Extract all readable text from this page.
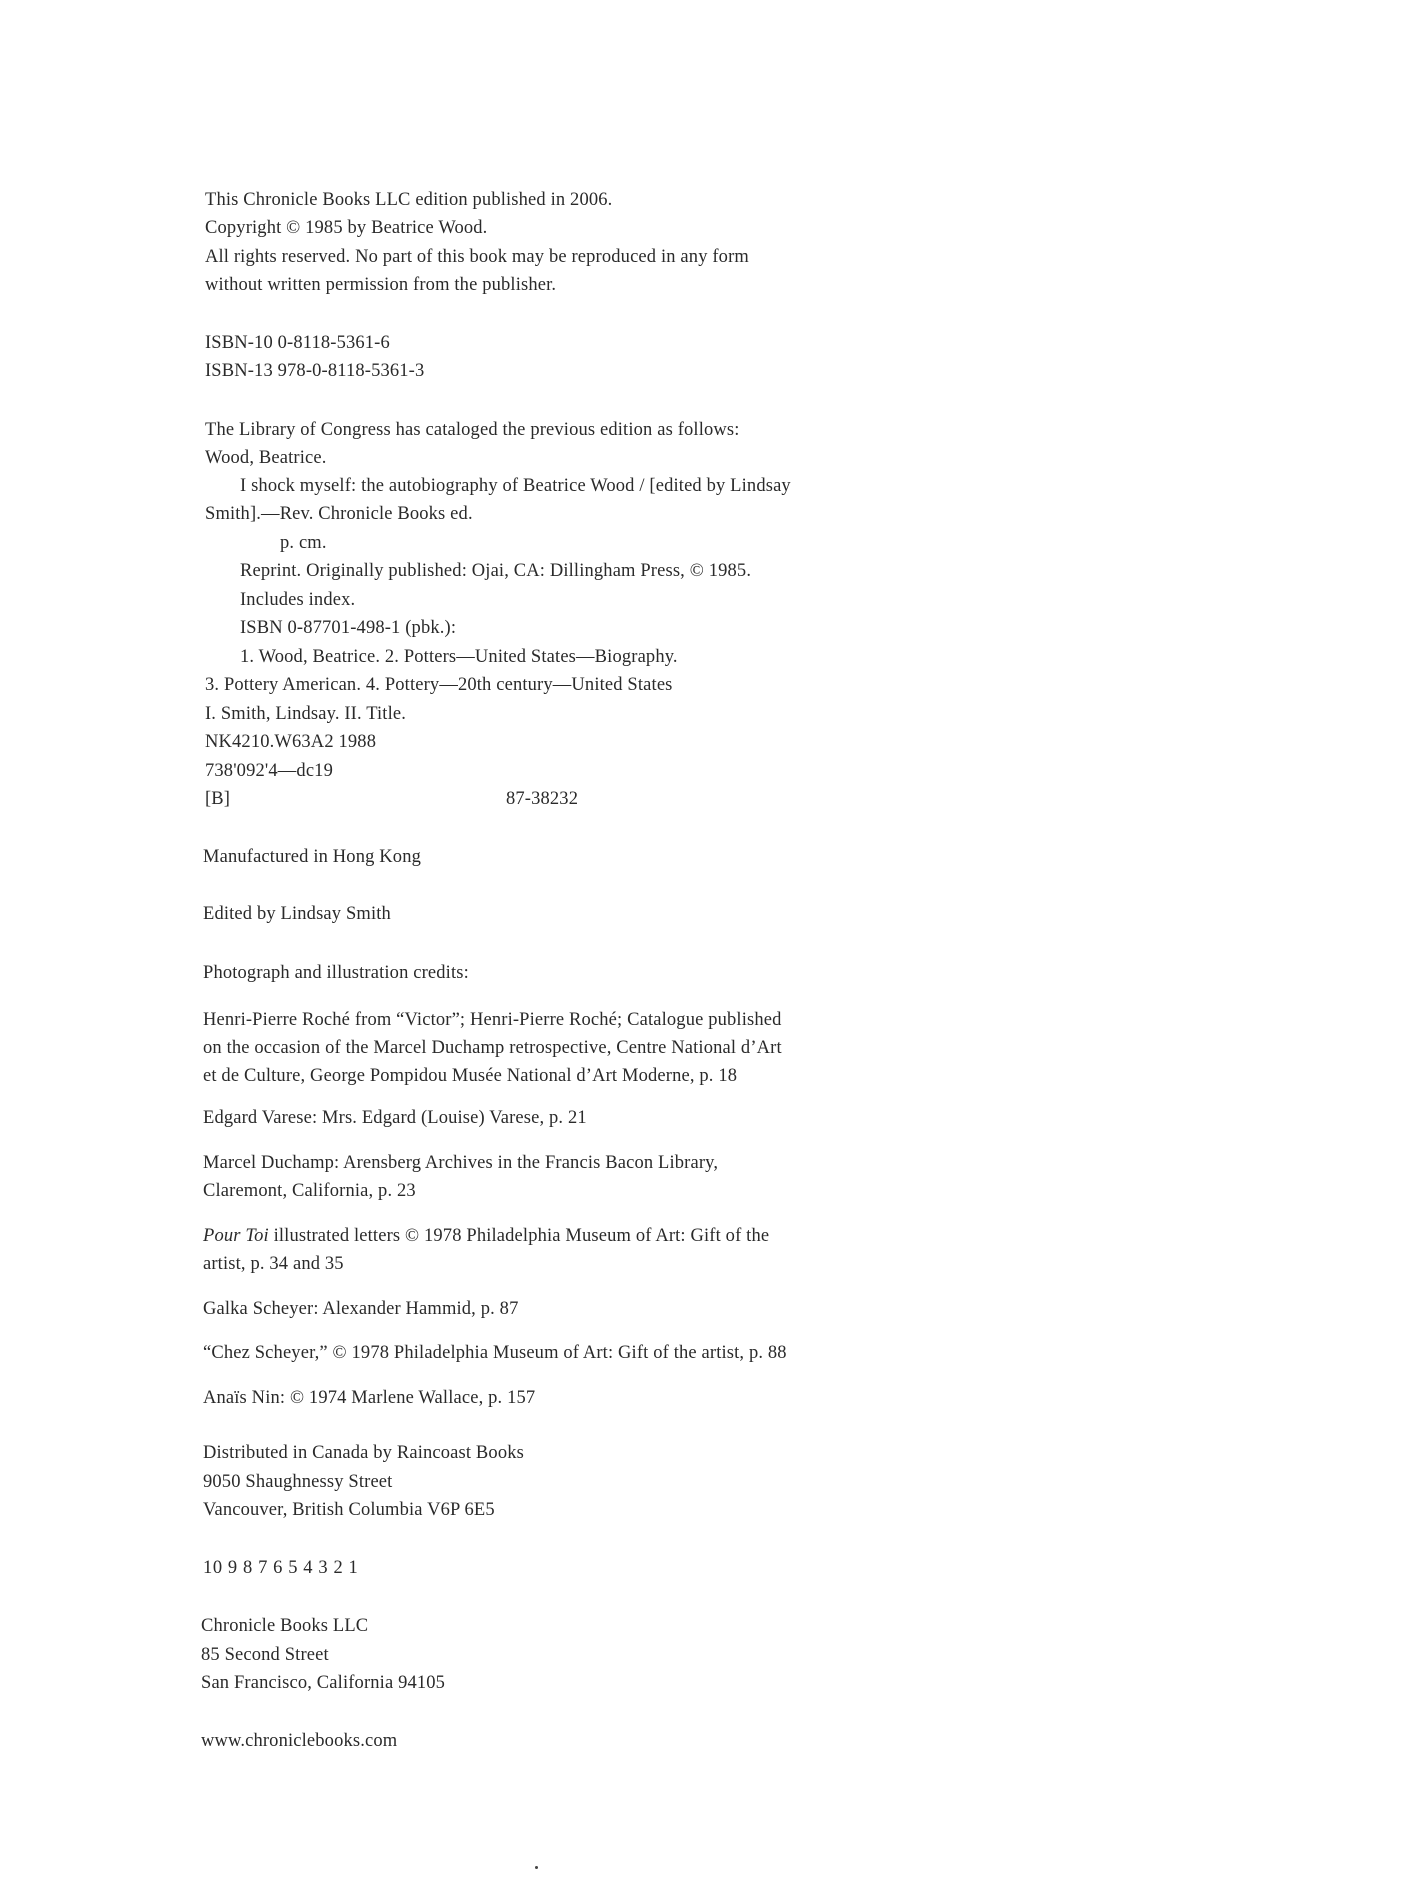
This Chronicle Books LLC edition published in 2006.
Copyright © 1985 by Beatrice Wood.
All rights reserved. No part of this book may be reproduced in any form
without written permission from the publisher.
ISBN-10 0-8118-5361-6
ISBN-13 978-0-8118-5361-3
The Library of Congress has cataloged the previous edition as follows:
Wood, Beatrice.
I shock myself: the autobiography of Beatrice Wood / [edited by Lindsay
Smith].—Rev. Chronicle Books ed.
p. cm.
Reprint. Originally published: Ojai, CA: Dillingham Press, © 1985.
Includes index.
ISBN 0-87701-498-1 (pbk.):
1. Wood, Beatrice. 2. Potters—United States—Biography.
3. Pottery American. 4. Pottery—20th century—United States
I. Smith, Lindsay. II. Title.
NK4210.W63A2 1988
738'092'4—dc19
[B]	87-38232
Manufactured in Hong Kong
Edited by Lindsay Smith
Photograph and illustration credits:
Henri-Pierre Roché from “Victor”; Henri-Pierre Roché; Catalogue published
on the occasion of the Marcel Duchamp retrospective, Centre National d’Art
et de Culture, George Pompidou Musée National d’Art Moderne, p. 18
Edgard Varese: Mrs. Edgard (Louise) Varese, p. 21
Marcel Duchamp: Arensberg Archives in the Francis Bacon Library,
Claremont, California, p. 23
Pour Toi illustrated letters © 1978 Philadelphia Museum of Art: Gift of the
artist, p. 34 and 35
Galka Scheyer: Alexander Hammid, p. 87
“Chez Scheyer,” © 1978 Philadelphia Museum of Art: Gift of the artist, p. 88
Anaïs Nin: © 1974 Marlene Wallace, p. 157
Distributed in Canada by Raincoast Books
9050 Shaughnessy Street
Vancouver, British Columbia V6P 6E5
10 9 8 7 6 5 4 3 2 1
Chronicle Books LLC
85 Second Street
San Francisco, California 94105
www.chroniclebooks.com
